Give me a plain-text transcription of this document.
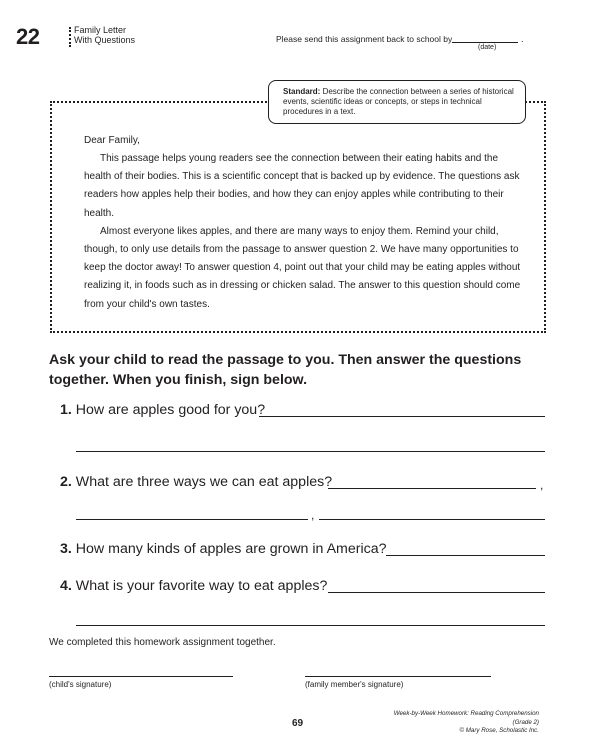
22	Family Letter
With Questions	Please send this assignment back to school by	.
(date)
Standard: Describe the connection between a series of historical events, scientific ideas or concepts, or steps in technical procedures in a text.
Dear Family,

This passage helps young readers see the connection between their eating habits and the health of their bodies. This is a scientific concept that is backed up by evidence. The questions ask readers how apples help their bodies, and how they can enjoy apples while contributing to their health.

Almost everyone likes apples, and there are many ways to enjoy them. Remind your child, though, to only use details from the passage to answer question 2. We have many opportunities to keep the doctor away! To answer question 4, point out that your child may be eating apples without realizing it, in foods such as in dressing or chicken salad. The answer to this question should come from your child's own tastes.

Ask your child to read the passage to you. Then answer the questions together. When you finish, sign below.
1. How are apples good for you?
2. What are three ways we can eat apples?	,
,
3. How many kinds of apples are grown in America?
4. What is your favorite way to eat apples?
We completed this homework assignment together.
(child's signature)	(family member's signature)
69
Week-by-Week Homework: Reading Comprehension (Grade 2)
© Mary Rose, Scholastic Inc.
